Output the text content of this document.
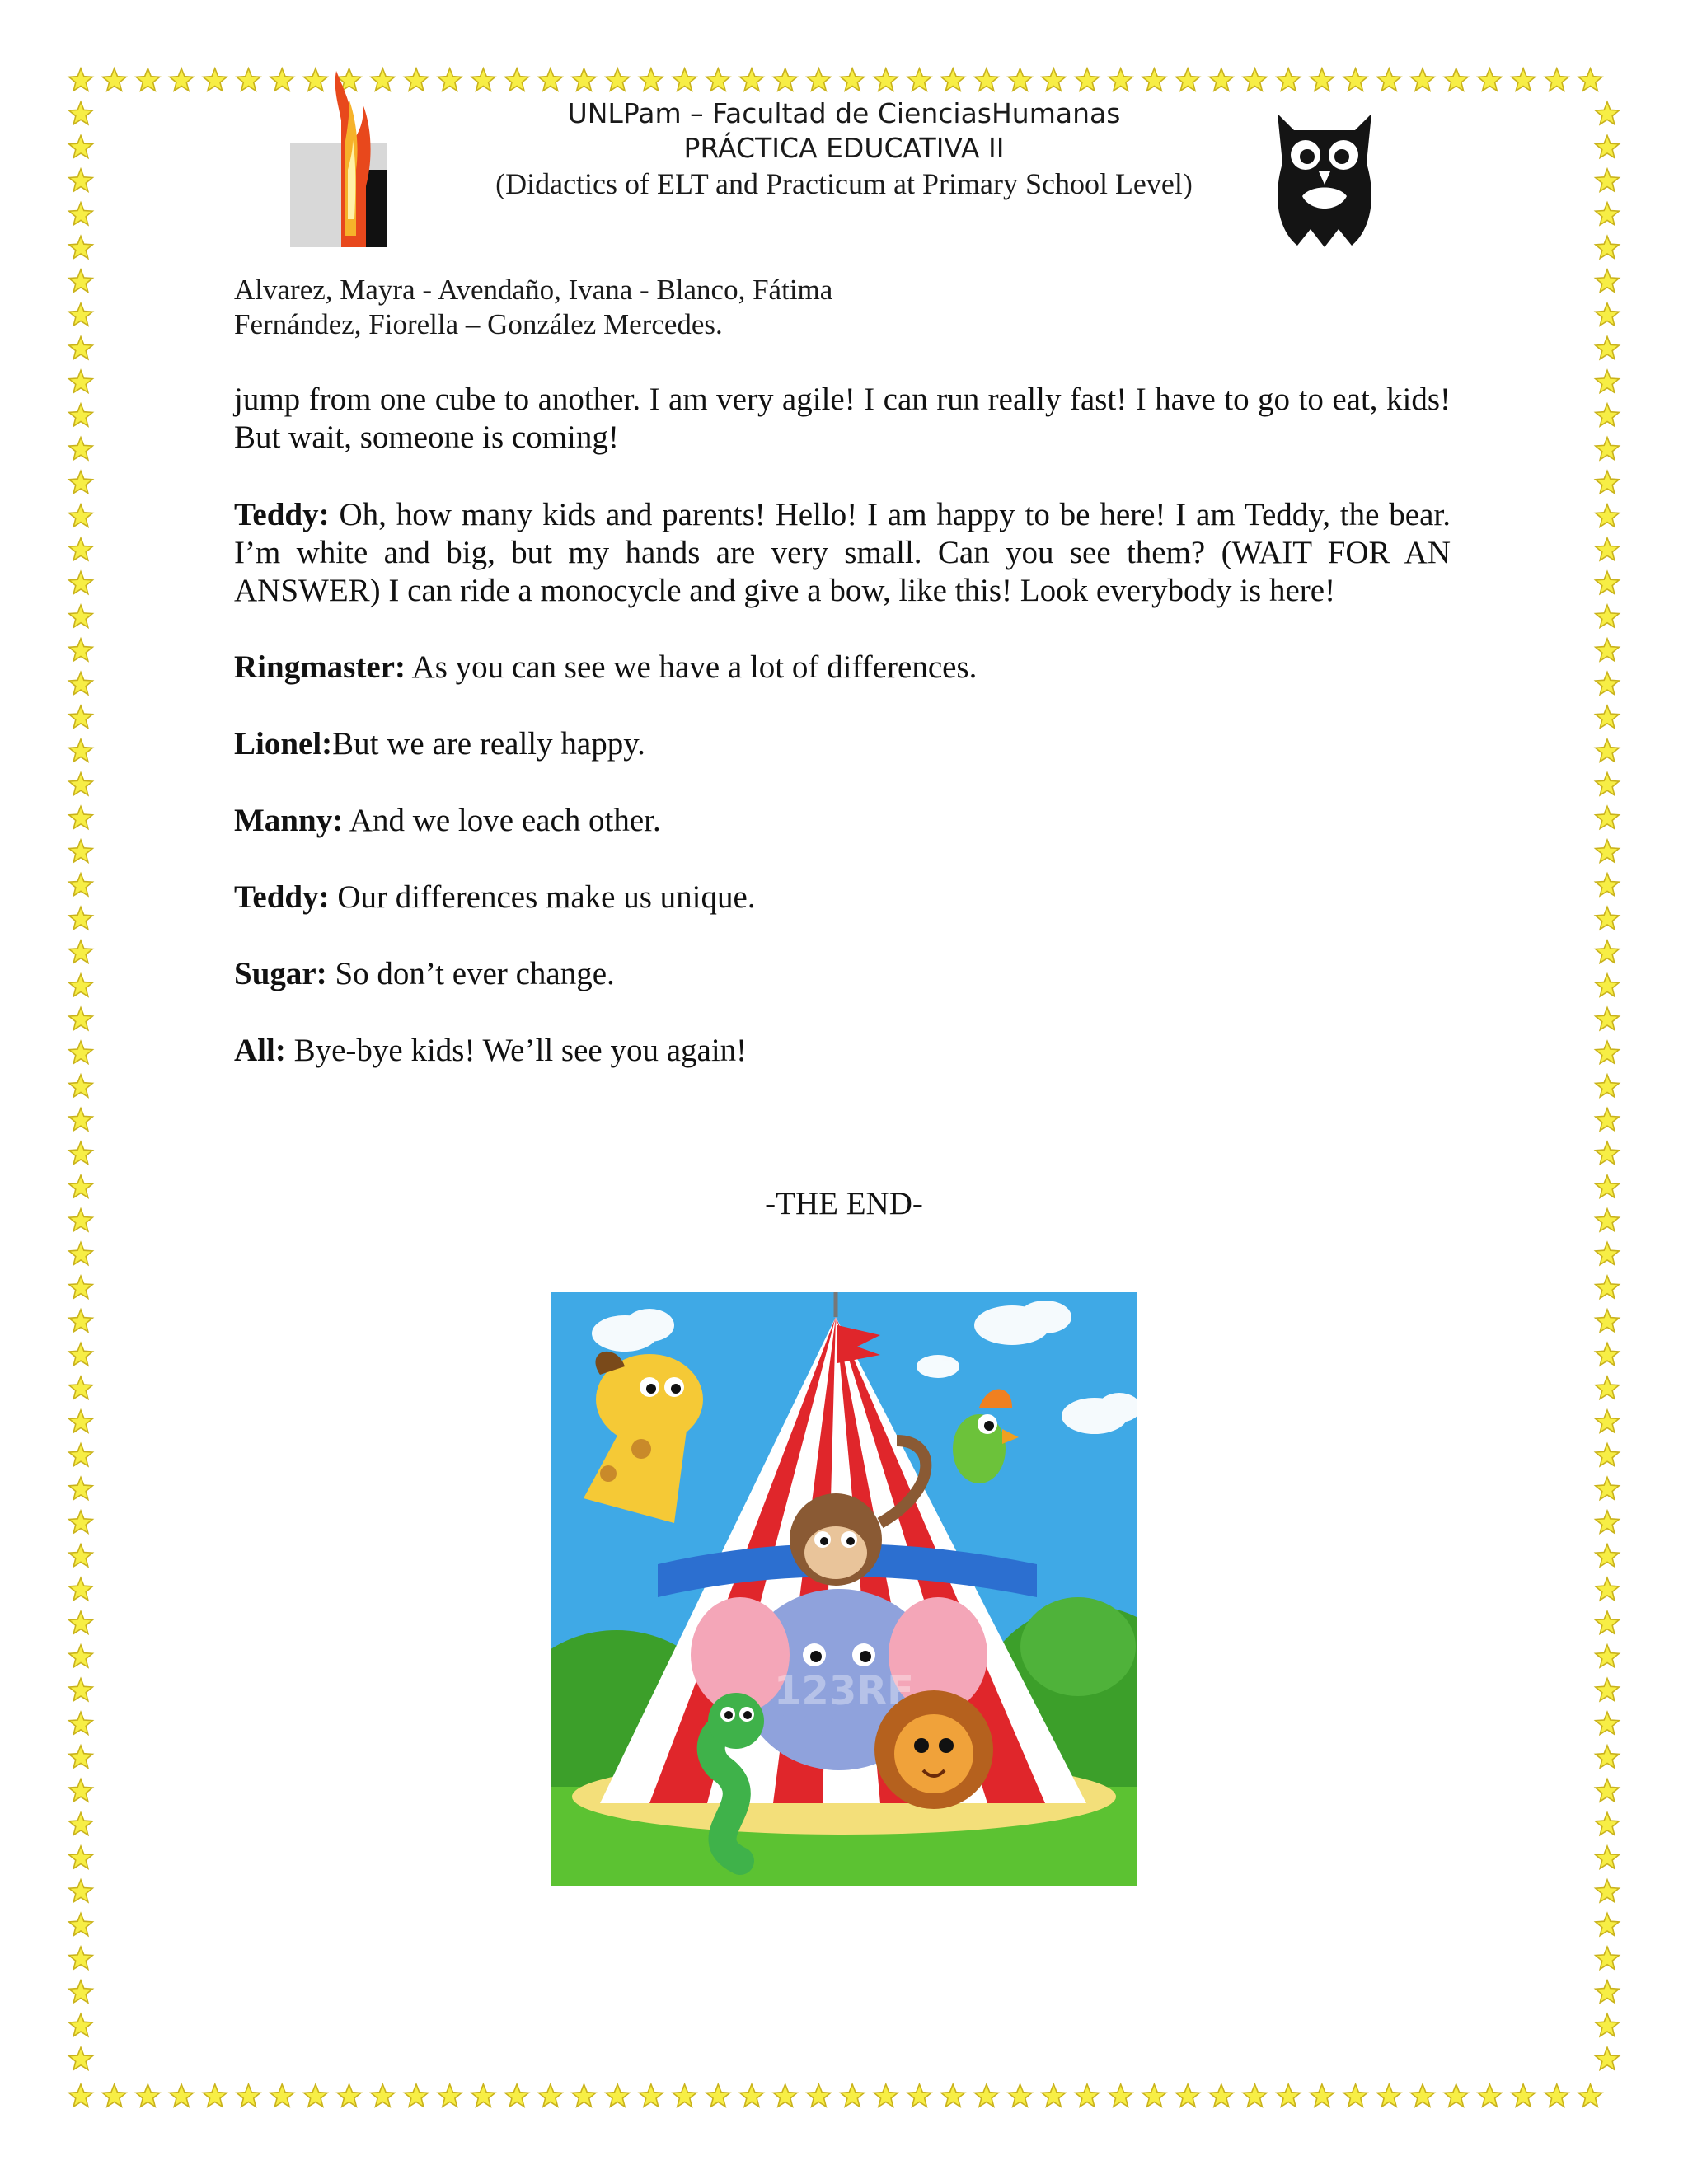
UNLPam – Facultad de CienciasHumanas
PRÁCTICA EDUCATIVA II
(Didactics of ELT and Practicum at Primary School Level)
Alvarez, Mayra - Avendaño, Ivana - Blanco, Fátima
Fernández, Fiorella – González Mercedes.

jump from one cube to another. I am very agile! I can run really fast! I have to go to eat, kids! But wait, someone is coming!

Teddy: Oh, how many kids and parents! Hello! I am happy to be here! I am Teddy, the bear. I’m white and big, but my hands are very small. Can you see them? (WAIT FOR AN ANSWER) I can ride a monocycle and give a bow, like this! Look everybody is here!

Ringmaster: As you can see we have a lot of differences.

Lionel:But we are really happy.

Manny: And we love each other.

Teddy: Our differences make us unique.

Sugar: So don’t ever change.

All: Bye-bye kids! We’ll see you again!

-THE END-
123RF
